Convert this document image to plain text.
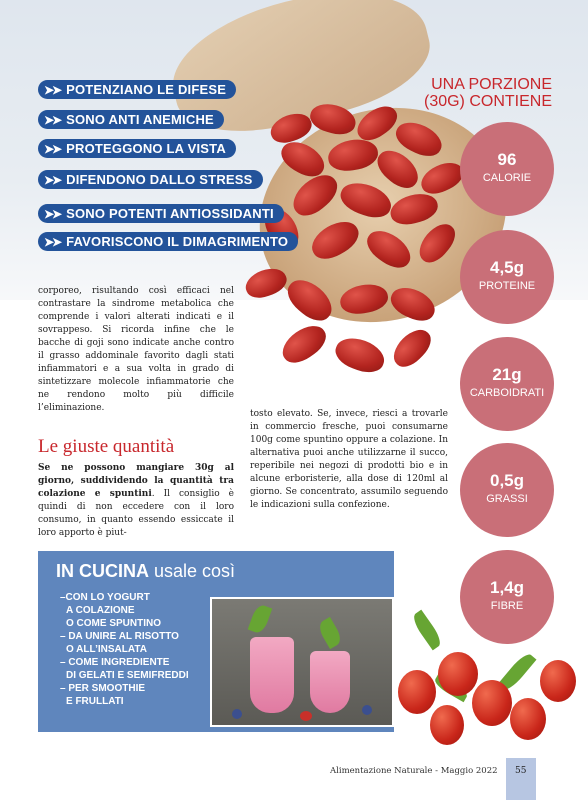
➤➤ POTENZIANO LE DIFESE
➤➤ SONO ANTI ANEMICHE
➤➤ PROTEGGONO LA VISTA
➤➤ DIFENDONO DALLO STRESS
➤➤ SONO POTENTI ANTIOSSIDANTI
➤➤ FAVORISCONO IL DIMAGRIMENTO
UNA PORZIONE
(30G) CONTIENE
96
CALORIE
4,5g
PROTEINE
21g
CARBOIDRATI
0,5g
GRASSI
1,4g
FIBRE
corporeo, risultando così efficaci nel contrastare la sindrome metabolica che comprende i valori alterati indicati e il sovrappeso. Si ricorda infine che le bacche di goji sono indicate anche contro il grasso addominale favorito dagli stati infiammatori e a sua volta in grado di sintetizzare molecole infiammatorie che ne rendono molto più difficile l’eliminazione.
Le giuste quantità
Se ne possono mangiare 30g al giorno, suddividendo la quantità tra colazione e spuntini. Il consiglio è quindi di non eccedere con il loro consumo, in quanto essendo essiccate il loro apporto è piut-
tosto elevato. Se, invece, riesci a trovarle in commercio fresche, puoi consumarne 100g come spuntino oppure a colazione. In alternativa puoi anche utilizzarne il succo, reperibile nei negozi di prodotti bio e in alcune erboristerie, alla dose di 120ml al giorno. Se concentrato, assumilo seguendo le indicazioni sulla confezione.
IN CUCINA usale così
–CON LO YOGURT
A COLAZIONE
O COME SPUNTINO
– DA UNIRE AL RISOTTO
O ALL’INSALATA
– COME INGREDIENTE
DI GELATI E SEMIFREDDI
– PER SMOOTHIE
E FRULLATI
Alimentazione Naturale - Maggio 2022 55
